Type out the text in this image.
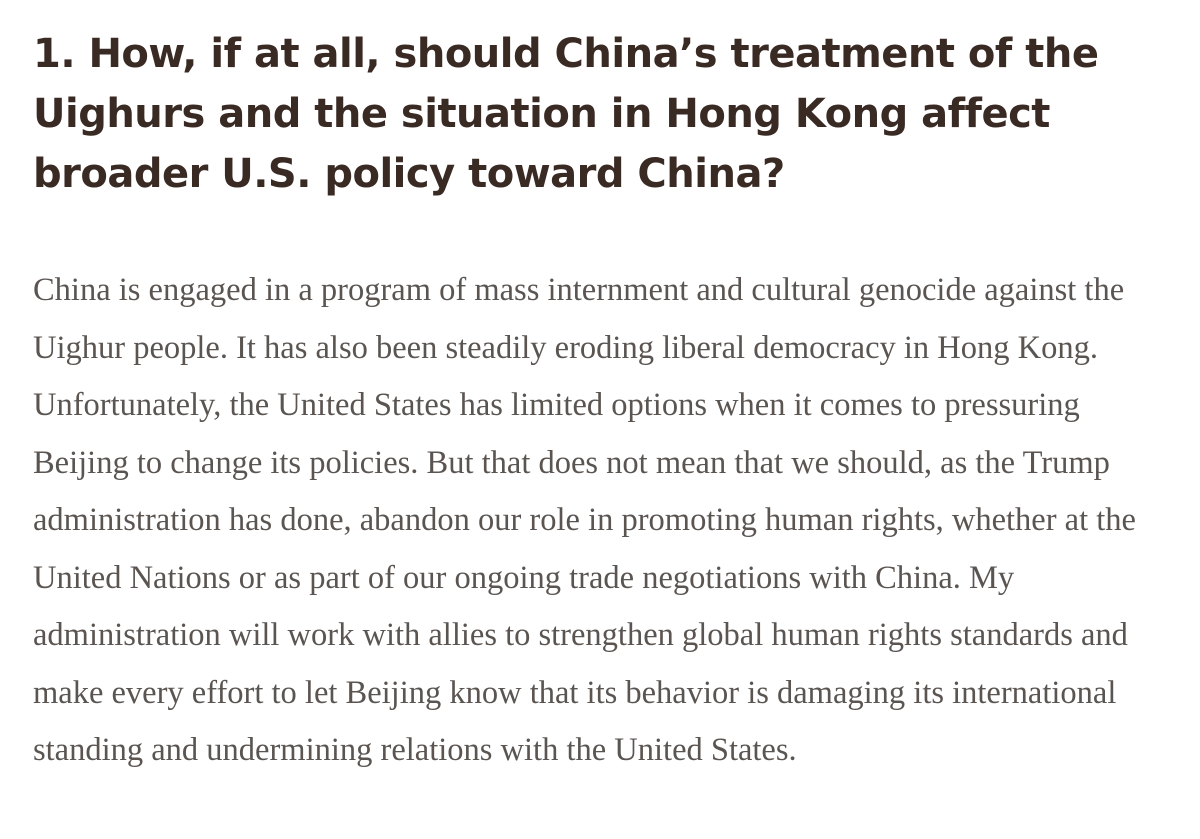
1. How, if at all, should China’s treatment of the Uighurs and the situation in Hong Kong affect broader U.S. policy toward China?

China is engaged in a program of mass internment and cultural genocide against the Uighur people. It has also been steadily eroding liberal democracy in Hong Kong. Unfortunately, the United States has limited options when it comes to pressuring Beijing to change its policies. But that does not mean that we should, as the Trump administration has done, abandon our role in promoting human rights, whether at the United Nations or as part of our ongoing trade negotiations with China. My administration will work with allies to strengthen global human rights standards and make every effort to let Beijing know that its behavior is damaging its international standing and undermining relations with the United States.
